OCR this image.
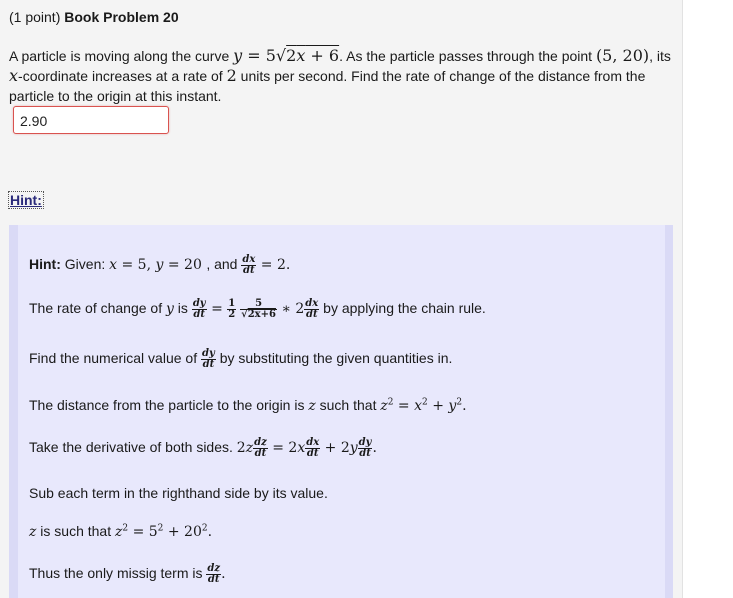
(1 point) Book Problem 20
A particle is moving along the curve y = 5√2x + 6. As the particle passes through the point (5, 20), its
x-coordinate increases at a rate of 2 units per second. Find the rate of change of the distance from the particle to the origin at this instant.
2.90
Hint:
Hint: Given: x = 5, y = 20 , and $\frac{dx}{dt} = 2$.
The rate of change of y is $\frac{dy}{dt} = \frac{1}{2}$
$\frac{5}{√2x+6}$ ∗ $2 \frac{dx}{dt}$ by applying the chain rule.
Find the numerical value of $\frac{dy}{dt}$ by substituting the given quantities in.
The distance from the particle to the origin is z such that $z^2 = x^2 + y^2$.
Take the derivative of both sides. $2z \frac{dz}{dt} = 2x \frac{dx}{dt} + 2y \frac{dy}{dt}$ .
Sub each term in the righthand side by its value.
z is such that $z^2 = 5^2 + 20^2$.
Thus the only missig term is $\frac{dz}{dt}$ .
